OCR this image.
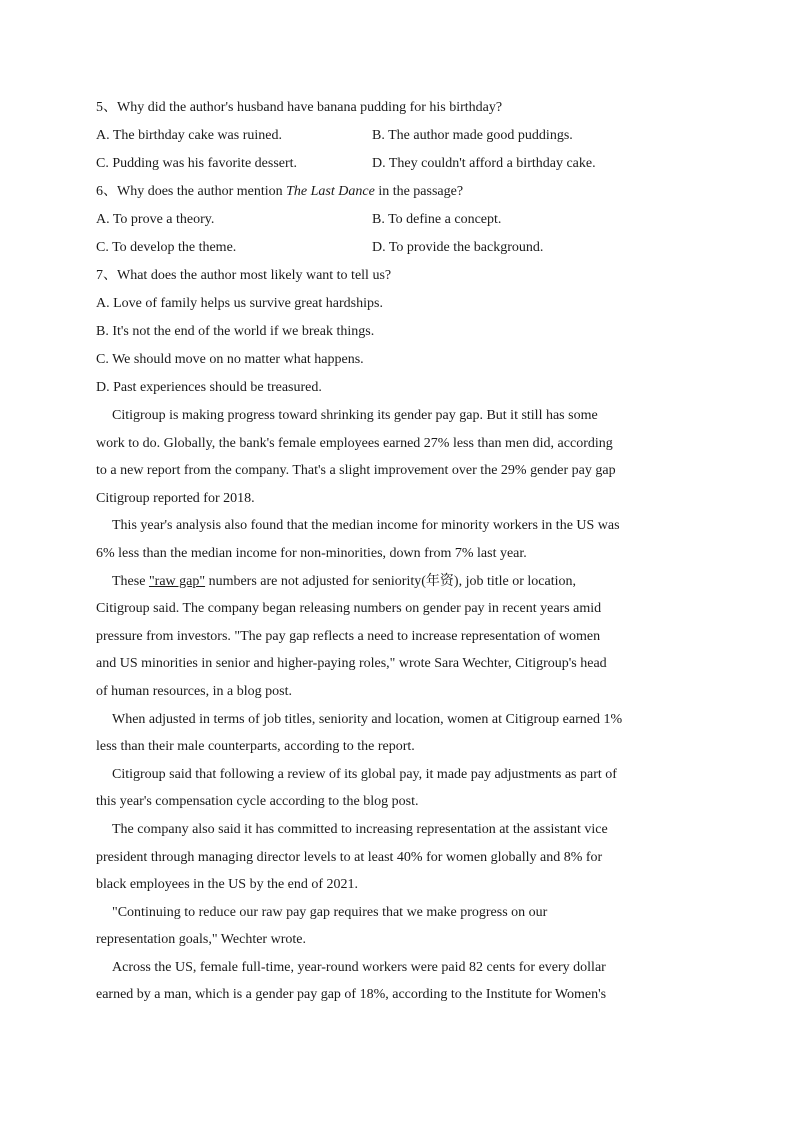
5、Why did the author's husband have banana pudding for his birthday?
A. The birthday cake was ruined.	B. The author made good puddings.
C. Pudding was his favorite dessert.	D. They couldn't afford a birthday cake.
6、Why does the author mention The Last Dance in the passage?
A. To prove a theory.	B. To define a concept.
C. To develop the theme.	D. To provide the background.
7、What does the author most likely want to tell us?
A. Love of family helps us survive great hardships.
B. It's not the end of the world if we break things.
C. We should move on no matter what happens.
D. Past experiences should be treasured.
Citigroup is making progress toward shrinking its gender pay gap. But it still has some
work to do. Globally, the bank's female employees earned 27% less than men did, according
to a new report from the company. That's a slight improvement over the 29% gender pay gap
Citigroup reported for 2018.
This year's analysis also found that the median income for minority workers in the US was
6% less than the median income for non-minorities, down from 7% last year.
These "raw gap" numbers are not adjusted for seniority(年资), job title or location,
Citigroup said. The company began releasing numbers on gender pay in recent years amid
pressure from investors. "The pay gap reflects a need to increase representation of women
and US minorities in senior and higher-paying roles," wrote Sara Wechter, Citigroup's head
of human resources, in a blog post.
When adjusted in terms of job titles, seniority and location, women at Citigroup earned 1%
less than their male counterparts, according to the report.
Citigroup said that following a review of its global pay, it made pay adjustments as part of
this year's compensation cycle according to the blog post.
The company also said it has committed to increasing representation at the assistant vice
president through managing director levels to at least 40% for women globally and 8% for
black employees in the US by the end of 2021.
"Continuing to reduce our raw pay gap requires that we make progress on our
representation goals," Wechter wrote.
Across the US, female full-time, year-round workers were paid 82 cents for every dollar
earned by a man, which is a gender pay gap of 18%, according to the Institute for Women's
